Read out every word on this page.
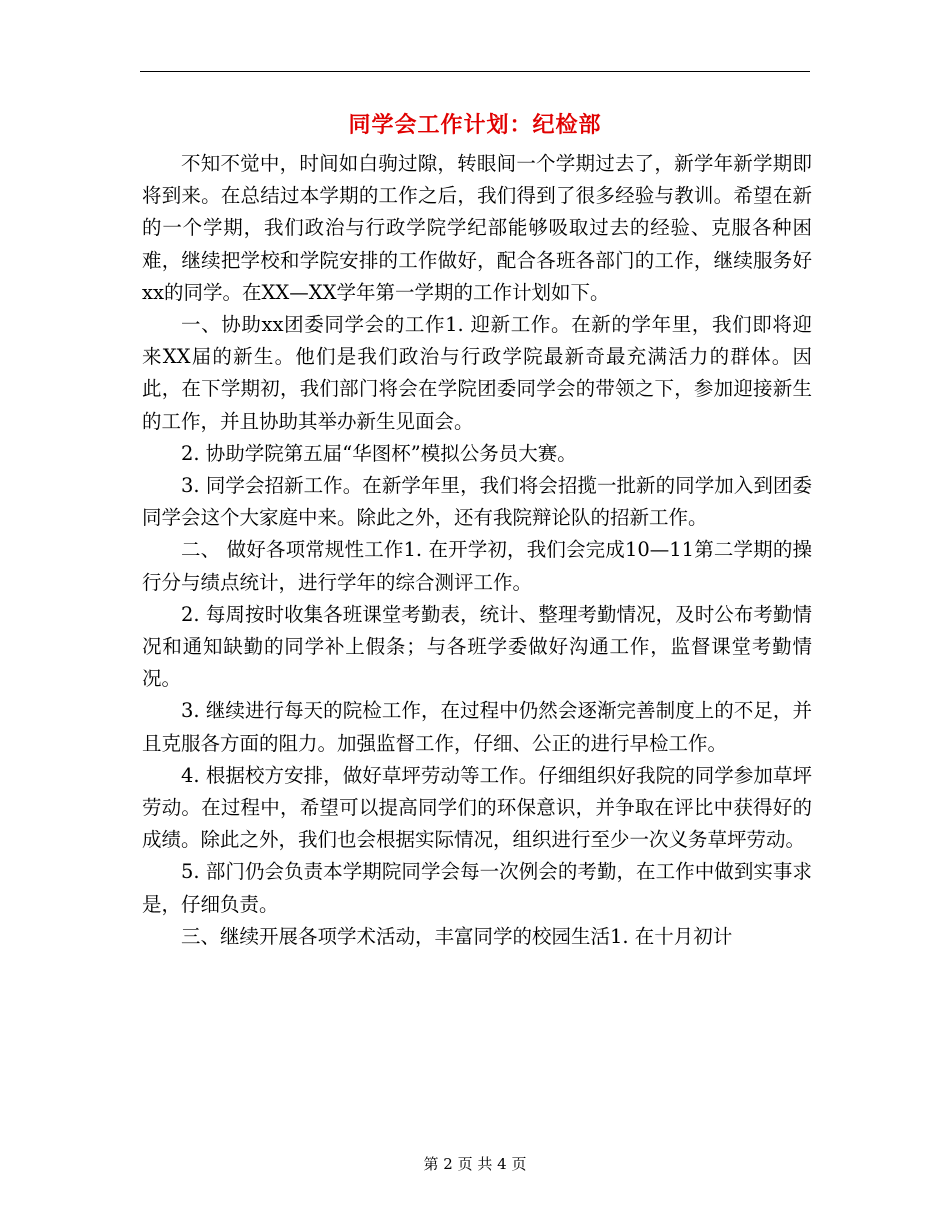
同学会工作计划：纪检部

不知不觉中，时间如白驹过隙，转眼间一个学期过去了，新学年新学期即将到来。在总结过本学期的工作之后，我们得到了很多经验与教训。希望在新的一个学期，我们政治与行政学院学纪部能够吸取过去的经验、克服各种困难，继续把学校和学院安排的工作做好，配合各班各部门的工作，继续服务好xx的同学。在XX—XX学年第一学期的工作计划如下。

一、协助xx团委同学会的工作1. 迎新工作。在新的学年里，我们即将迎来XX届的新生。他们是我们政治与行政学院最新奇最充满活力的群体。因此，在下学期初，我们部门将会在学院团委同学会的带领之下，参加迎接新生的工作，并且协助其举办新生见面会。

2. 协助学院第五届“华图杯”模拟公务员大赛。

3. 同学会招新工作。在新学年里，我们将会招揽一批新的同学加入到团委同学会这个大家庭中来。除此之外，还有我院辩论队的招新工作。

二、 做好各项常规性工作1. 在开学初，我们会完成10—11第二学期的操行分与绩点统计，进行学年的综合测评工作。

2. 每周按时收集各班课堂考勤表，统计、整理考勤情况，及时公布考勤情况和通知缺勤的同学补上假条；与各班学委做好沟通工作，监督课堂考勤情况。

3. 继续进行每天的院检工作，在过程中仍然会逐渐完善制度上的不足，并且克服各方面的阻力。加强监督工作，仔细、公正的进行早检工作。

4. 根据校方安排，做好草坪劳动等工作。仔细组织好我院的同学参加草坪劳动。在过程中，希望可以提高同学们的环保意识，并争取在评比中获得好的成绩。除此之外，我们也会根据实际情况，组织进行至少一次义务草坪劳动。

5. 部门仍会负责本学期院同学会每一次例会的考勤，在工作中做到实事求是，仔细负责。

三、继续开展各项学术活动，丰富同学的校园生活1. 在十月初计

第 2 页 共 4 页
